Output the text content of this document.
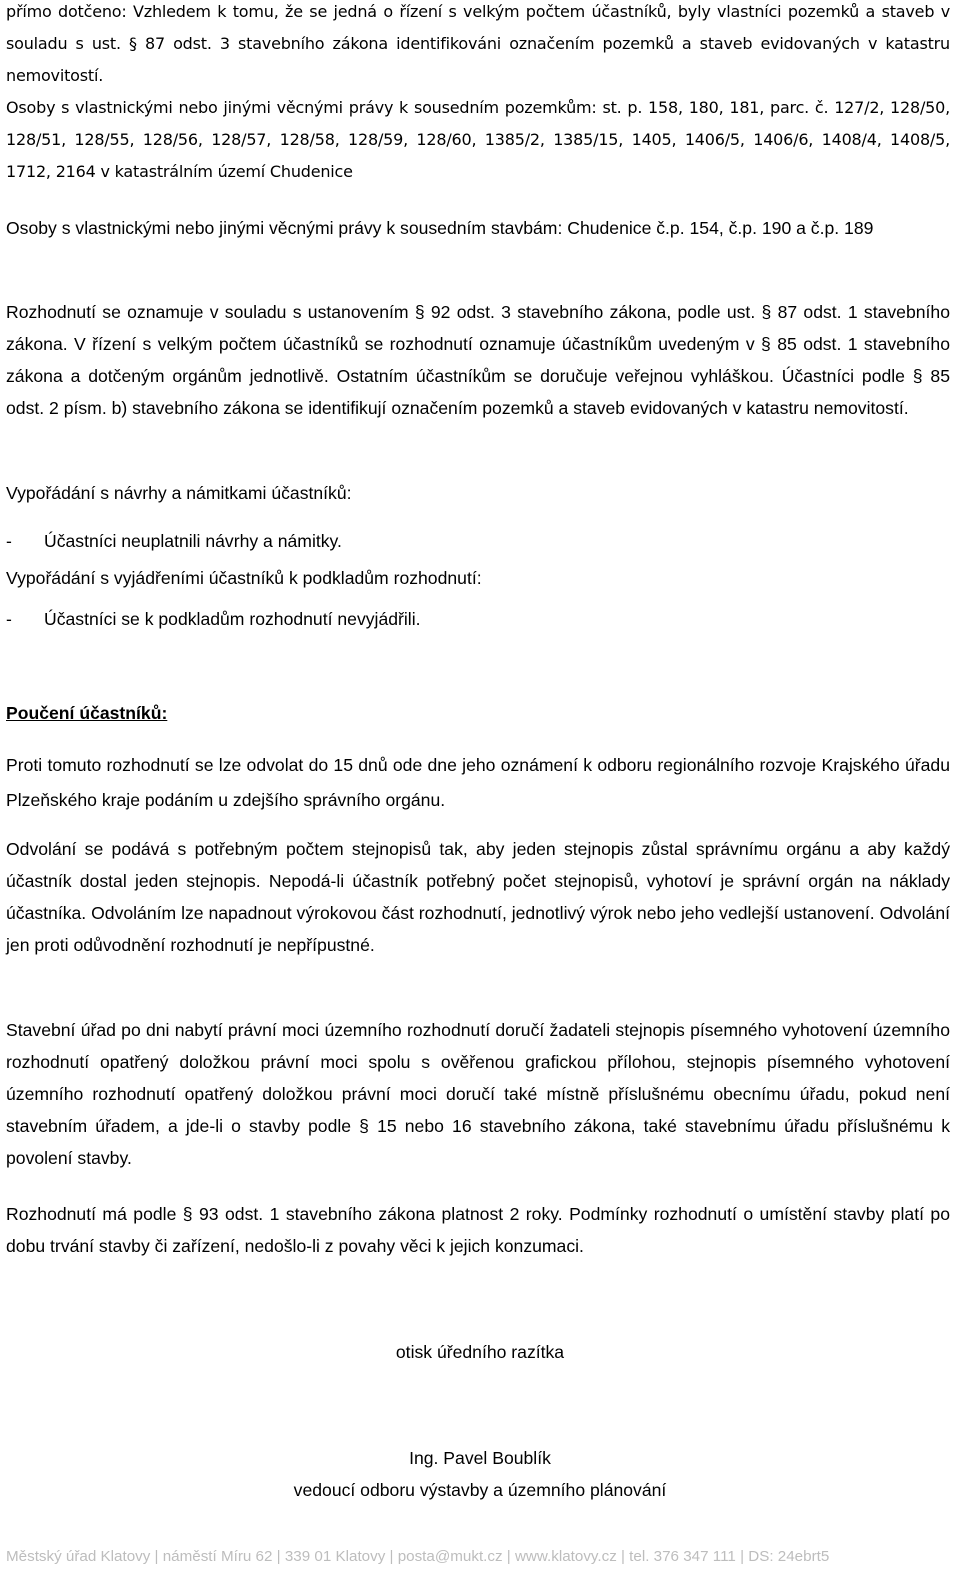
přímo dotčeno: Vzhledem k tomu, že se jedná o řízení s velkým počtem účastníků, byly vlastníci pozemků a staveb v souladu s ust. § 87 odst. 3 stavebního zákona identifikováni označením pozemků a staveb evidovaných v katastru nemovitostí.

Osoby s vlastnickými nebo jinými věcnými právy k sousedním pozemkům: st. p. 158, 180, 181, parc. č. 127/2, 128/50, 128/51, 128/55, 128/56, 128/57, 128/58, 128/59, 128/60, 1385/2, 1385/15, 1405, 1406/5, 1406/6, 1408/4, 1408/5, 1712, 2164 v katastrálním území Chudenice

Osoby s vlastnickými nebo jinými věcnými právy k sousedním stavbám: Chudenice č.p. 154, č.p. 190 a č.p. 189

Rozhodnutí se oznamuje v souladu s ustanovením § 92 odst. 3 stavebního zákona, podle ust. § 87 odst. 1 stavebního zákona. V řízení s velkým počtem účastníků se rozhodnutí oznamuje účastníkům uvedeným v § 85 odst. 1 stavebního zákona a dotčeným orgánům jednotlivě. Ostatním účastníkům se doručuje veřejnou vyhláškou. Účastníci podle § 85 odst. 2 písm. b) stavebního zákona se identifikují označením pozemků a staveb evidovaných v katastru nemovitostí.

Vypořádání s návrhy a námitkami účastníků:
- Účastníci neuplatnili návrhy a námitky.
Vypořádání s vyjádřeními účastníků k podkladům rozhodnutí:
- Účastníci se k podkladům rozhodnutí nevyjádřili.
Poučení účastníků:

Proti tomuto rozhodnutí se lze odvolat do 15 dnů ode dne jeho oznámení k odboru regionálního rozvoje Krajského úřadu Plzeňského kraje podáním u zdejšího správního orgánu.

Odvolání se podává s potřebným počtem stejnopisů tak, aby jeden stejnopis zůstal správnímu orgánu a aby každý účastník dostal jeden stejnopis. Nepodá-li účastník potřebný počet stejnopisů, vyhotoví je správní orgán na náklady účastníka. Odvoláním lze napadnout výrokovou část rozhodnutí, jednotlivý výrok nebo jeho vedlejší ustanovení. Odvolání jen proti odůvodnění rozhodnutí je nepřípustné.

Stavební úřad po dni nabytí právní moci územního rozhodnutí doručí žadateli stejnopis písemného vyhotovení územního rozhodnutí opatřený doložkou právní moci spolu s ověřenou grafickou přílohou, stejnopis písemného vyhotovení územního rozhodnutí opatřený doložkou právní moci doručí také místně příslušnému obecnímu úřadu, pokud není stavebním úřadem, a jde-li o stavby podle § 15 nebo 16 stavebního zákona, také stavebnímu úřadu příslušnému k povolení stavby.

Rozhodnutí má podle § 93 odst. 1 stavebního zákona platnost 2 roky. Podmínky rozhodnutí o umístění stavby platí po dobu trvání stavby či zařízení, nedošlo-li z povahy věci k jejich konzumaci.

otisk úředního razítka
Ing. Pavel Boublík
vedoucí odboru výstavby a územního plánování
Městský úřad Klatovy | náměstí Míru 62 | 339 01 Klatovy | posta@mukt.cz | www.klatovy.cz | tel. 376 347 111 | DS: 24ebrt5
